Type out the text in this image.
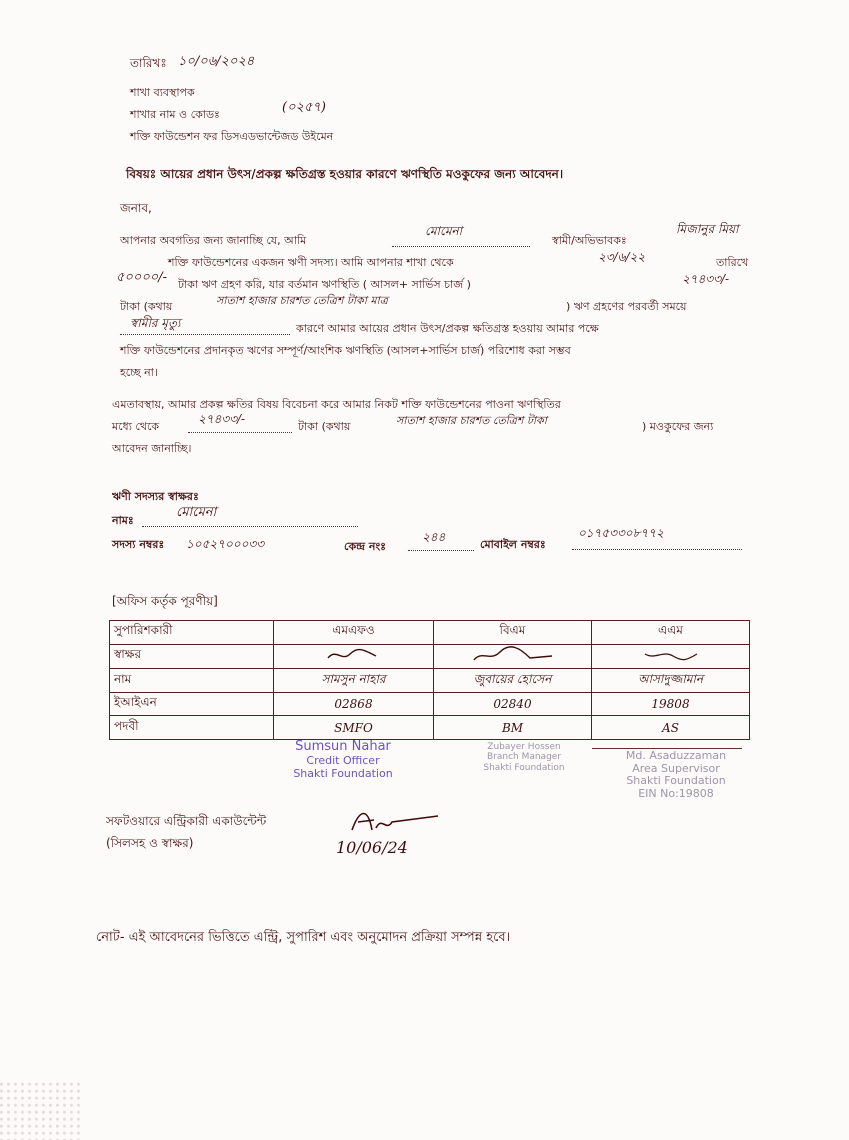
তারিখঃ ১০/০৬/২০২৪
শাখা ব্যবস্থাপক
শাখার নাম ও কোডঃ	(০২৫৭)
শক্তি ফাউন্ডেশন ফর ডিসএডভান্টেজড উইমেন
বিষয়ঃ আয়ের প্রধান উৎস/প্রকল্প ক্ষতিগ্রস্ত হওয়ার কারণে ঋণস্থিতি মওকুফের জন্য আবেদন।
জনাব,
আপনার অবগতির জন্য জানাচ্ছি যে, আমি
মোমেনা
স্বামী/অভিভাবকঃ
মিজানুর মিয়া
শক্তি ফাউন্ডেশনের একজন ঋণী সদস্য। আমি আপনার শাখা থেকে	২৩/৬/২২	তারিখে
৫০০০০/- টাকা ঋণ গ্রহণ করি, যার বর্তমান ঋণস্থিতি ( আসল+ সার্ভিস চার্জ )	২৭৪৩৩/-
টাকা (কথায়	সাতাশ হাজার চারশত তেত্রিশ টাকা মাত্র	) ঋণ গ্রহণের পরবর্তী সময়ে
স্বামীর মৃত্যু	কারণে আমার আয়ের প্রধান উৎস/প্রকল্প ক্ষতিগ্রস্ত হওয়ায় আমার পক্ষে
শক্তি ফাউন্ডেশনের প্রদানকৃত ঋণের সম্পূর্ণ/আংশিক ঋণস্থিতি (আসল+সার্ভিস চার্জ) পরিশোধ করা সম্ভব
হচ্ছে না।
এমতাবস্থায়, আমার প্রকল্প ক্ষতির বিষয় বিবেচনা করে আমার নিকট শক্তি ফাউন্ডেশনের পাওনা ঋণস্থিতির
মধ্যে থেকে
২৭৪৩৩/-
টাকা (কথায়	সাতাশ হাজার চারশত তেত্রিশ টাকা	) মওকুফের জন্য
আবেদন জানাচ্ছি।
ঋণী সদস্যর স্বাক্ষরঃ
নামঃ
মোমেনা
সদস্য নম্বরঃ ১০৫২৭০০০৩৩	কেন্দ্র নংঃ
২৪৪
মোবাইল নম্বরঃ
০১৭৫৩৩০৮৭৭২
[অফিস কর্তৃক পূরণীয়]
সুপারিশকারী	এমএফও	বিএম	এএম
স্বাক্ষর			
নাম	সামসুন নাহার	জুবায়ের হোসেন	আসাদুজ্জামান
ইআইএন	02868	02840	19808
পদবী	SMFO	BM	AS
Sumsun Nahar
Credit Officer
Shakti Foundation
Zubayer Hossen
Branch Manager
Shakti Foundation
Md. Asaduzzaman
Area Supervisor
Shakti Foundation
EIN No:19808
সফটওয়ারে এন্ট্রিকারী একাউন্টেন্ট
(সিলসহ ও স্বাক্ষর)	10/06/24
নোট- এই আবেদনের ভিত্তিতে এন্ট্রি, সুপারিশ এবং অনুমোদন প্রক্রিয়া সম্পন্ন হবে।
